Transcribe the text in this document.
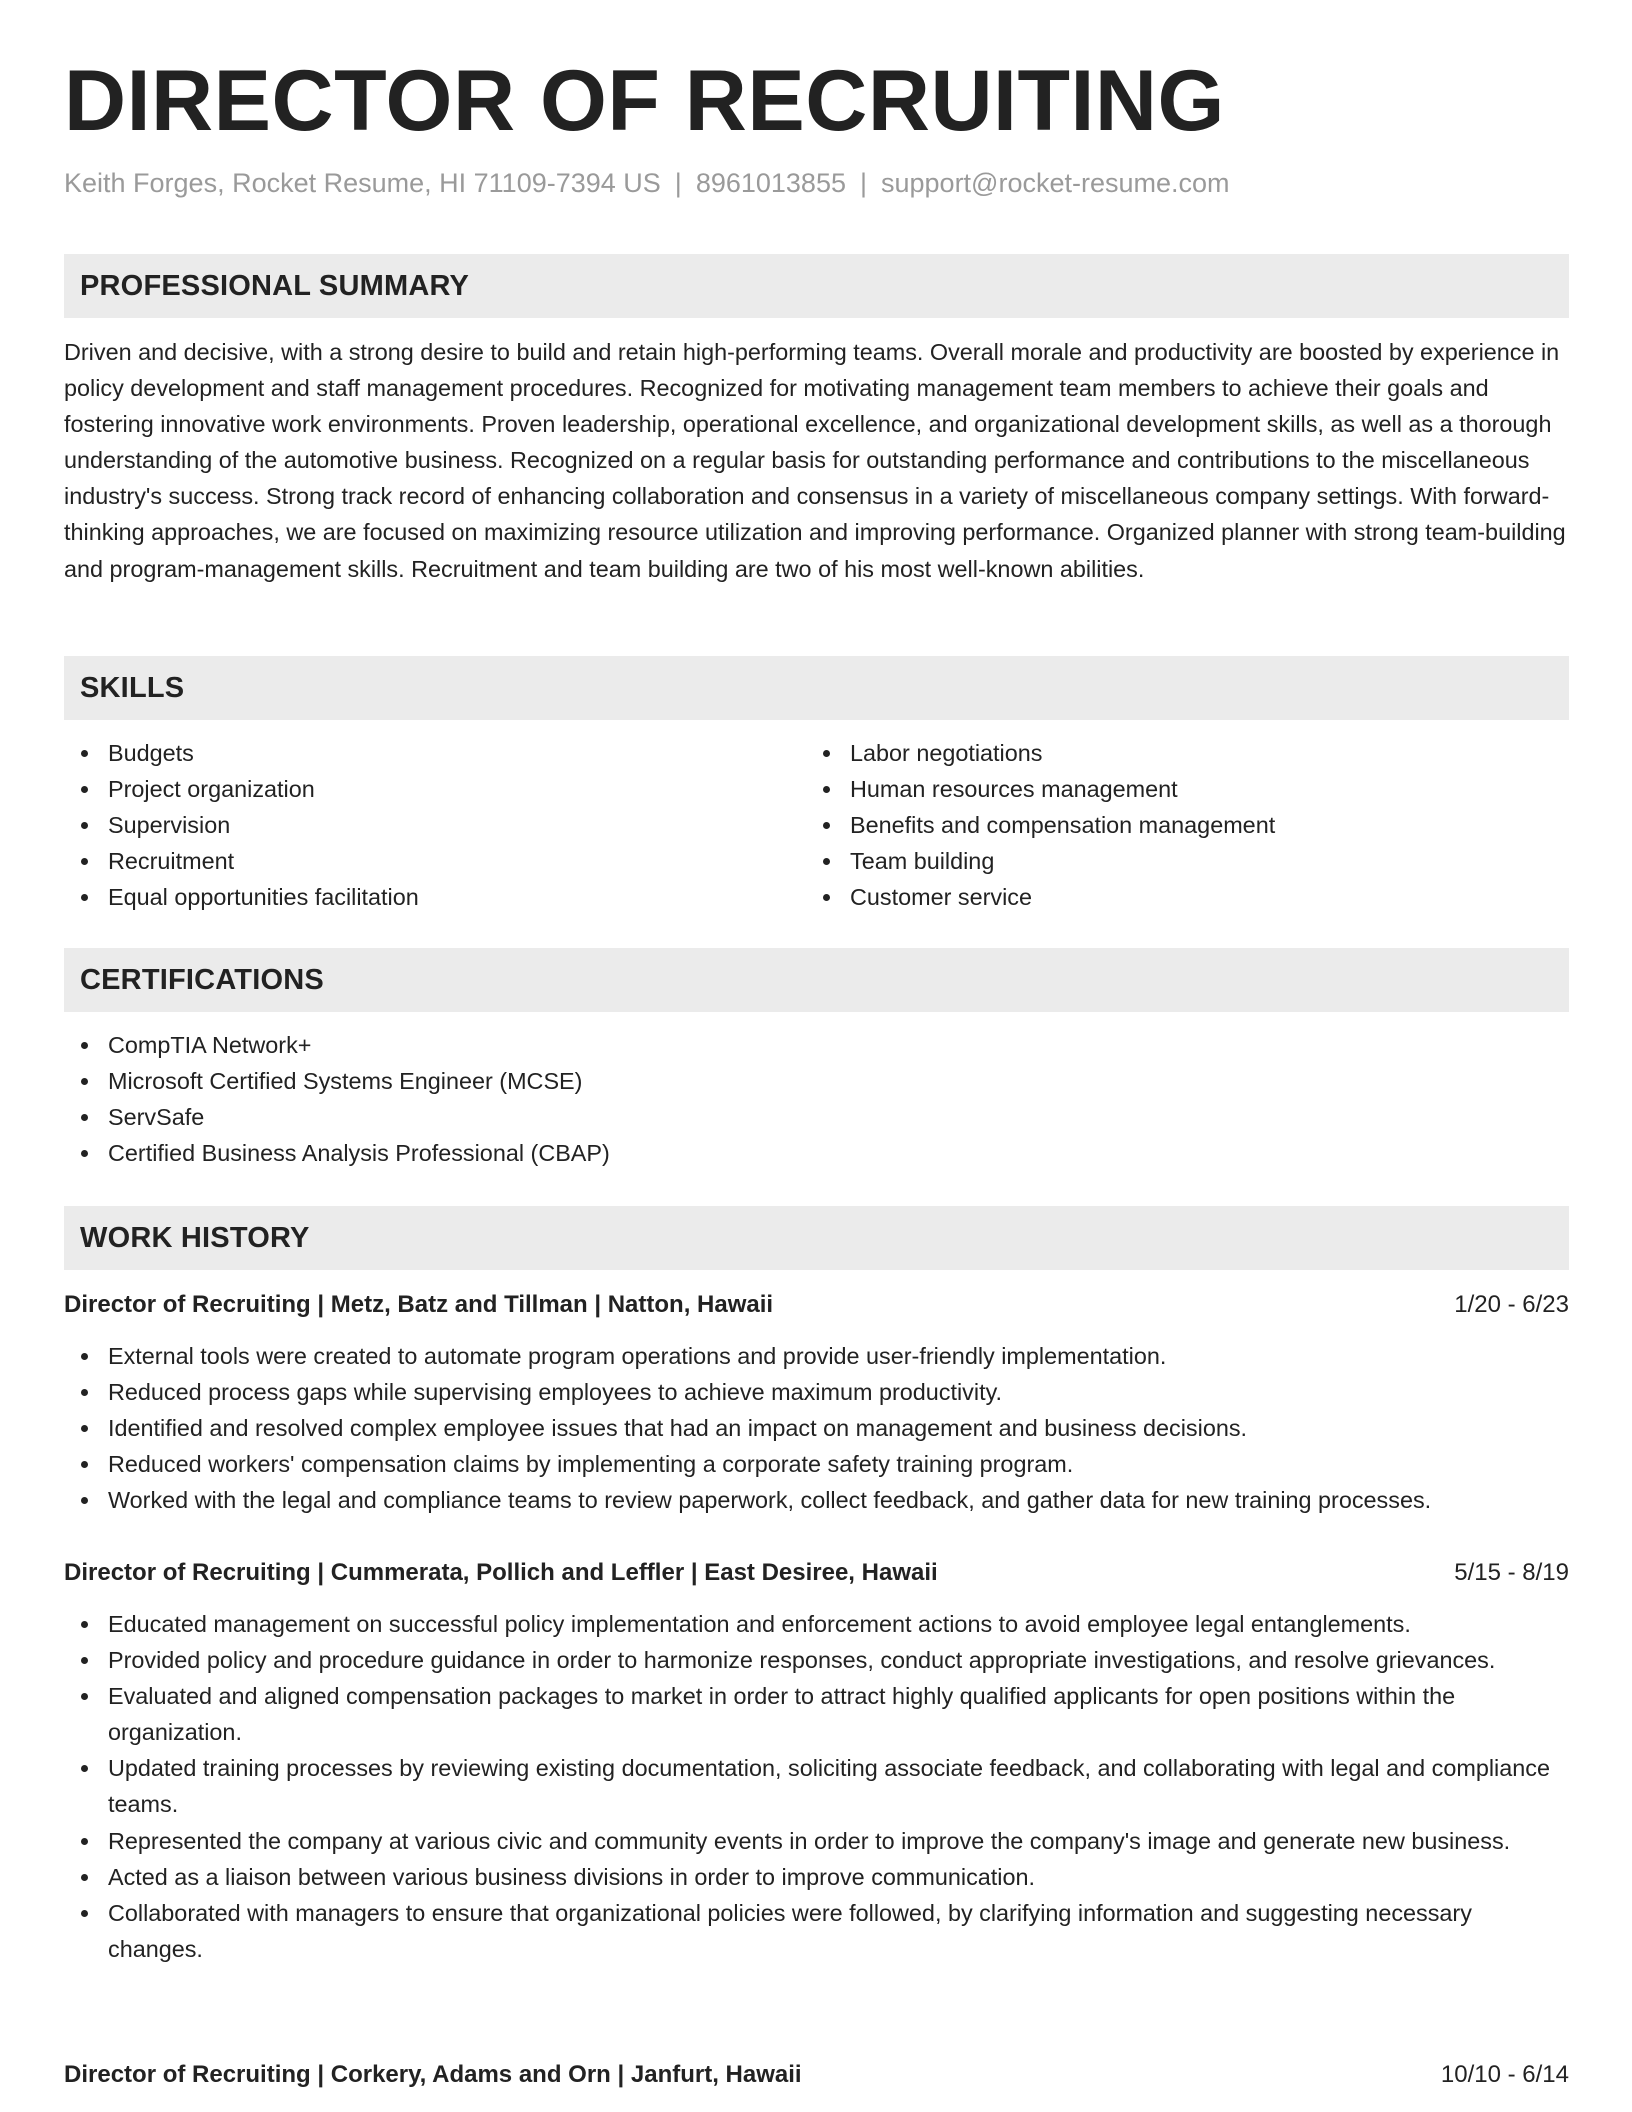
DIRECTOR OF RECRUITING
Keith Forges, Rocket Resume, HI 71109-7394 US | 8961013855 | support@rocket-resume.com
PROFESSIONAL SUMMARY

Driven and decisive, with a strong desire to build and retain high-performing teams. Overall morale and productivity are boosted by experience in policy development and staff management procedures. Recognized for motivating management team members to achieve their goals and fostering innovative work environments. Proven leadership, operational excellence, and organizational development skills, as well as a thorough understanding of the automotive business. Recognized on a regular basis for outstanding performance and contributions to the miscellaneous industry's success. Strong track record of enhancing collaboration and consensus in a variety of miscellaneous company settings. With forward-thinking approaches, we are focused on maximizing resource utilization and improving performance. Organized planner with strong team-building and program-management skills. Recruitment and team building are two of his most well-known abilities.

SKILLS
Budgets
Project organization
Supervision
Recruitment
Equal opportunities facilitation
Labor negotiations
Human resources management
Benefits and compensation management
Team building
Customer service
CERTIFICATIONS
CompTIA Network+
Microsoft Certified Systems Engineer (MCSE)
ServSafe
Certified Business Analysis Professional (CBAP)
WORK HISTORY
Director of Recruiting | Metz, Batz and Tillman | Natton, Hawaii	1/20 - 6/23
External tools were created to automate program operations and provide user-friendly implementation.
Reduced process gaps while supervising employees to achieve maximum productivity.
Identified and resolved complex employee issues that had an impact on management and business decisions.
Reduced workers' compensation claims by implementing a corporate safety training program.
Worked with the legal and compliance teams to review paperwork, collect feedback, and gather data for new training processes.
Director of Recruiting | Cummerata, Pollich and Leffler | East Desiree, Hawaii	5/15 - 8/19
Educated management on successful policy implementation and enforcement actions to avoid employee legal entanglements.
Provided policy and procedure guidance in order to harmonize responses, conduct appropriate investigations, and resolve grievances.
Evaluated and aligned compensation packages to market in order to attract highly qualified applicants for open positions within the organization.
Updated training processes by reviewing existing documentation, soliciting associate feedback, and collaborating with legal and compliance teams.
Represented the company at various civic and community events in order to improve the company's image and generate new business.
Acted as a liaison between various business divisions in order to improve communication.
Collaborated with managers to ensure that organizational policies were followed, by clarifying information and suggesting necessary changes.
Director of Recruiting | Corkery, Adams and Orn | Janfurt, Hawaii	10/10 - 6/14
